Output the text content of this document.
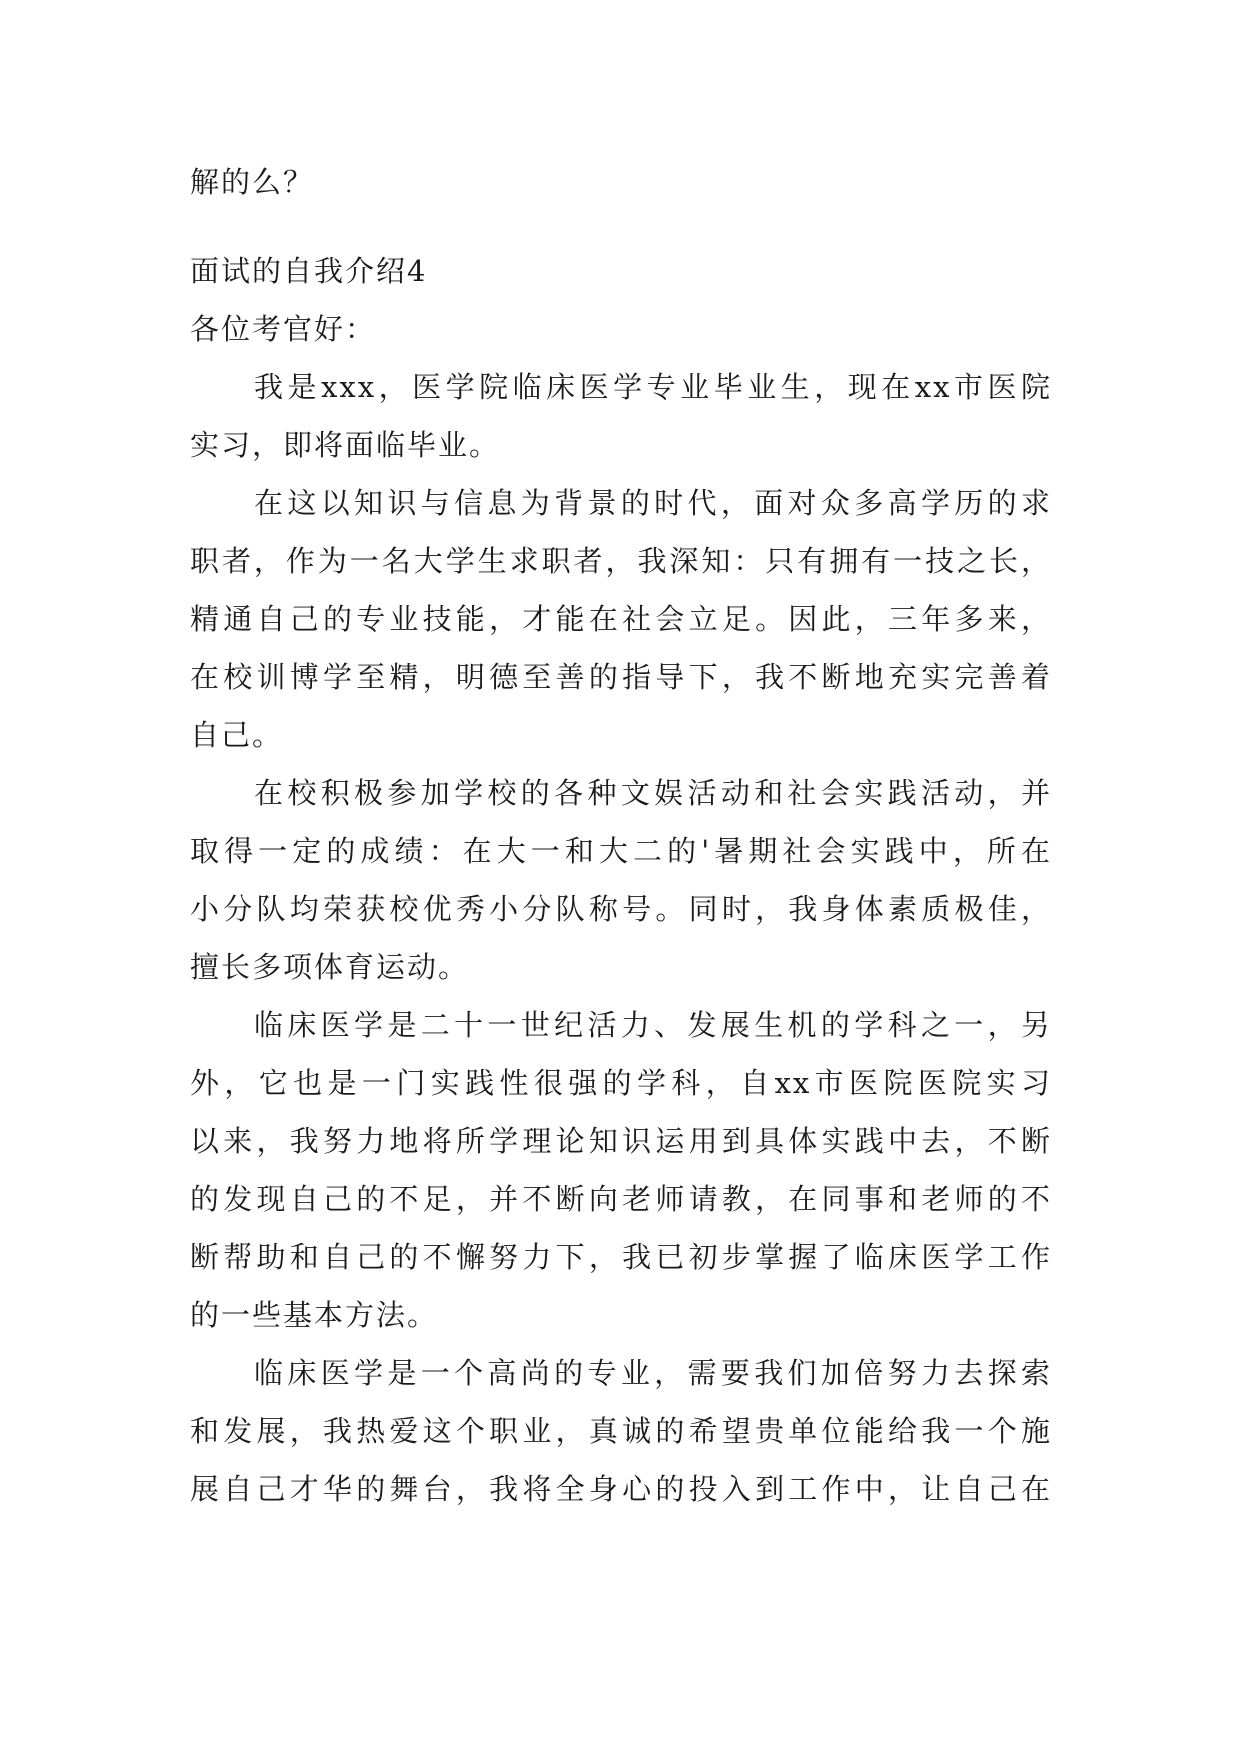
解的么？
面试的自我介绍4
各位考官好：
我是xxx，医学院临床医学专业毕业生，现在xx市医院
实习，即将面临毕业。
在这以知识与信息为背景的时代，面对众多高学历的求
职者，作为一名大学生求职者，我深知：只有拥有一技之长，
精通自己的专业技能，才能在社会立足。因此，三年多来，
在校训博学至精，明德至善的指导下，我不断地充实完善着
自己。
在校积极参加学校的各种文娱活动和社会实践活动，并
取得一定的成绩：在大一和大二的'暑期社会实践中，所在
小分队均荣获校优秀小分队称号。同时，我身体素质极佳，
擅长多项体育运动。
临床医学是二十一世纪活力、发展生机的学科之一，另
外，它也是一门实践性很强的学科，自xx市医院医院实习
以来，我努力地将所学理论知识运用到具体实践中去，不断
的发现自己的不足，并不断向老师请教，在同事和老师的不
断帮助和自己的不懈努力下，我已初步掌握了临床医学工作
的一些基本方法。
临床医学是一个高尚的专业，需要我们加倍努力去探索
和发展，我热爱这个职业，真诚的希望贵单位能给我一个施
展自己才华的舞台，我将全身心的投入到工作中，让自己在
